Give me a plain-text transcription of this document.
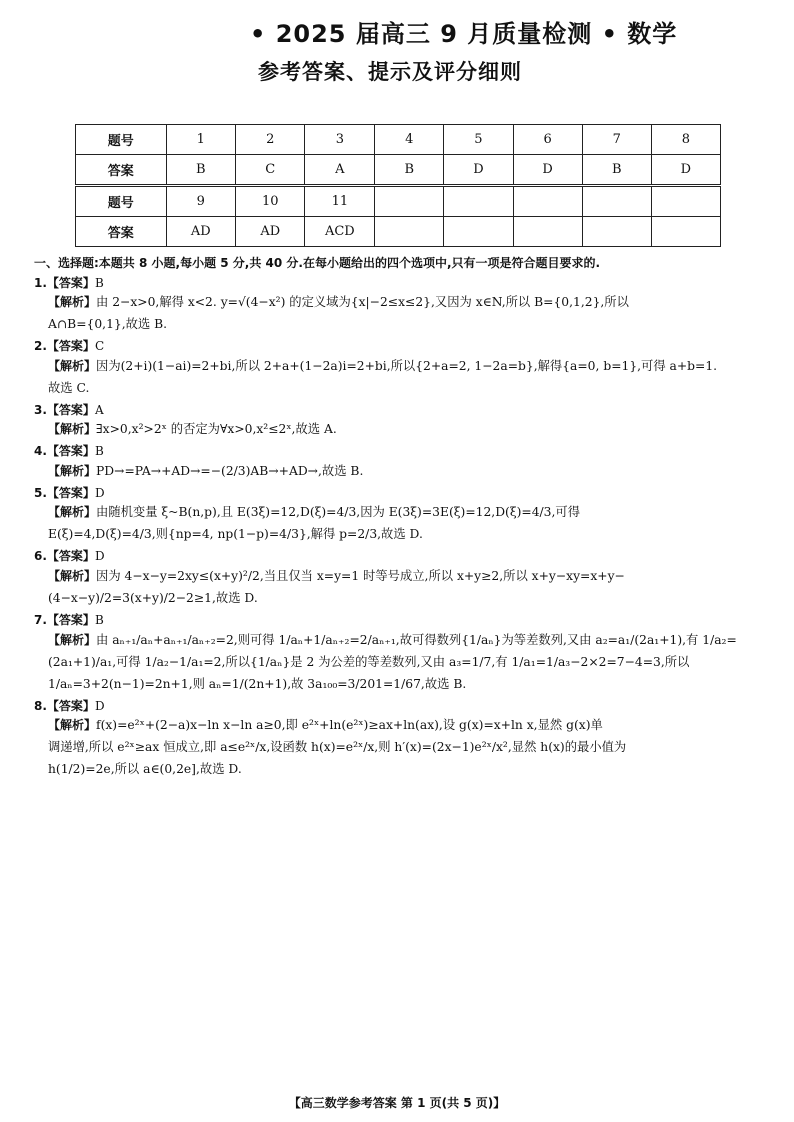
• 2025 届高三 9 月质量检测 • 数学
参考答案、提示及评分细则
题号	1	2	3	4	5	6	7	8
答案	B	C	A	B	D	D	B	D
题号	9	10	11					
答案	AD	AD	ACD					
一、选择题:本题共 8 小题,每小题 5 分,共 40 分.在每小题给出的四个选项中,只有一项是符合题目要求的.
1.【答案】B

【解析】由 2−x>0,解得 x<2. y=√(4−x²) 的定义域为{x|−2≤x≤2},又因为 x∈N,所以 B={0,1,2},所以

A∩B={0,1},故选 B.

2.【答案】C

【解析】因为(2+i)(1−ai)=2+bi,所以 2+a+(1−2a)i=2+bi,所以{2+a=2, 1−2a=b},解得{a=0, b=1},可得 a+b=1.

故选 C.

3.【答案】A

【解析】∃x>0,x²>2ˣ 的否定为∀x>0,x²≤2ˣ,故选 A.

4.【答案】B

【解析】PD→=PA→+AD→=−(2/3)AB→+AD→,故选 B.

5.【答案】D

【解析】由随机变量 ξ~B(n,p),且 E(3ξ)=12,D(ξ)=4/3,因为 E(3ξ)=3E(ξ)=12,D(ξ)=4/3,可得

E(ξ)=4,D(ξ)=4/3,则{np=4, np(1−p)=4/3},解得 p=2/3,故选 D.

6.【答案】D

【解析】因为 4−x−y=2xy≤(x+y)²/2,当且仅当 x=y=1 时等号成立,所以 x+y≥2,所以 x+y−xy=x+y−

(4−x−y)/2=3(x+y)/2−2≥1,故选 D.

7.【答案】B

【解析】由 aₙ₊₁/aₙ+aₙ₊₁/aₙ₊₂=2,则可得 1/aₙ+1/aₙ₊₂=2/aₙ₊₁,故可得数列{1/aₙ}为等差数列,又由 a₂=a₁/(2a₁+1),有 1/a₂=

(2a₁+1)/a₁,可得 1/a₂−1/a₁=2,所以{1/aₙ}是 2 为公差的等差数列,又由 a₃=1/7,有 1/a₁=1/a₃−2×2=7−4=3,所以

1/aₙ=3+2(n−1)=2n+1,则 aₙ=1/(2n+1),故 3a₁₀₀=3/201=1/67,故选 B.

8.【答案】D

【解析】f(x)=e²ˣ+(2−a)x−ln x−ln a≥0,即 e²ˣ+ln(e²ˣ)≥ax+ln(ax),设 g(x)=x+ln x,显然 g(x)单

调递增,所以 e²ˣ≥ax 恒成立,即 a≤e²ˣ/x,设函数 h(x)=e²ˣ/x,则 h′(x)=(2x−1)e²ˣ/x²,显然 h(x)的最小值为

h(1/2)=2e,所以 a∈(0,2e],故选 D.

【高三数学参考答案 第 1 页(共 5 页)】
